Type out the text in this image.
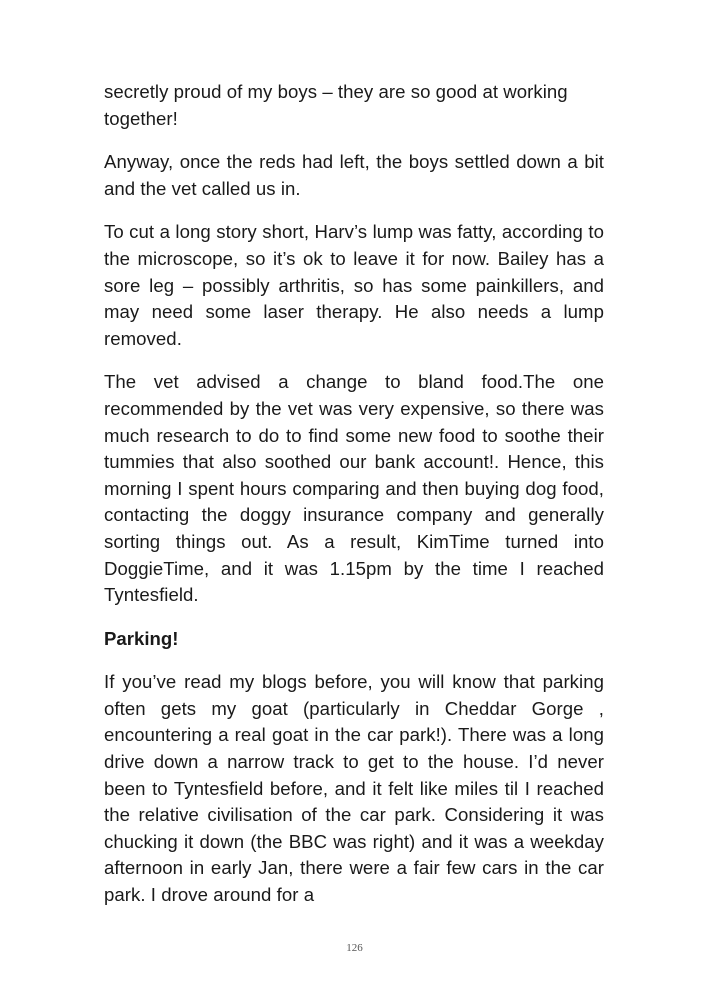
secretly proud of my boys – they are so good at working together!

Anyway, once the reds had left, the boys settled down a bit and the vet called us in.

To cut a long story short, Harv’s lump was fatty, according to the microscope, so it’s ok to leave it for now. Bailey has a sore leg – possibly arthritis, so has some painkillers, and may need some laser therapy. He also needs a lump removed.

The vet advised a change to bland food.The one recommended by the vet was very expensive, so there was much research to do to find some new food to soothe their tummies that also soothed our bank account!. Hence, this morning I spent hours comparing and then buying dog food, contacting the doggy insurance company and generally sorting things out. As a result, KimTime turned into DoggieTime, and it was 1.15pm by the time I reached Tyntesfield.

Parking!

If you’ve read my blogs before, you will know that parking often gets my goat (particularly in Cheddar Gorge , encountering a real goat in the car park!). There was a long drive down a narrow track to get to the house. I’d never been to Tyntesfield before, and it felt like miles til I reached the relative civilisation of the car park. Considering it was chucking it down (the BBC was right) and it was a weekday afternoon in early Jan, there were a fair few cars in the car park. I drove around for a

126
